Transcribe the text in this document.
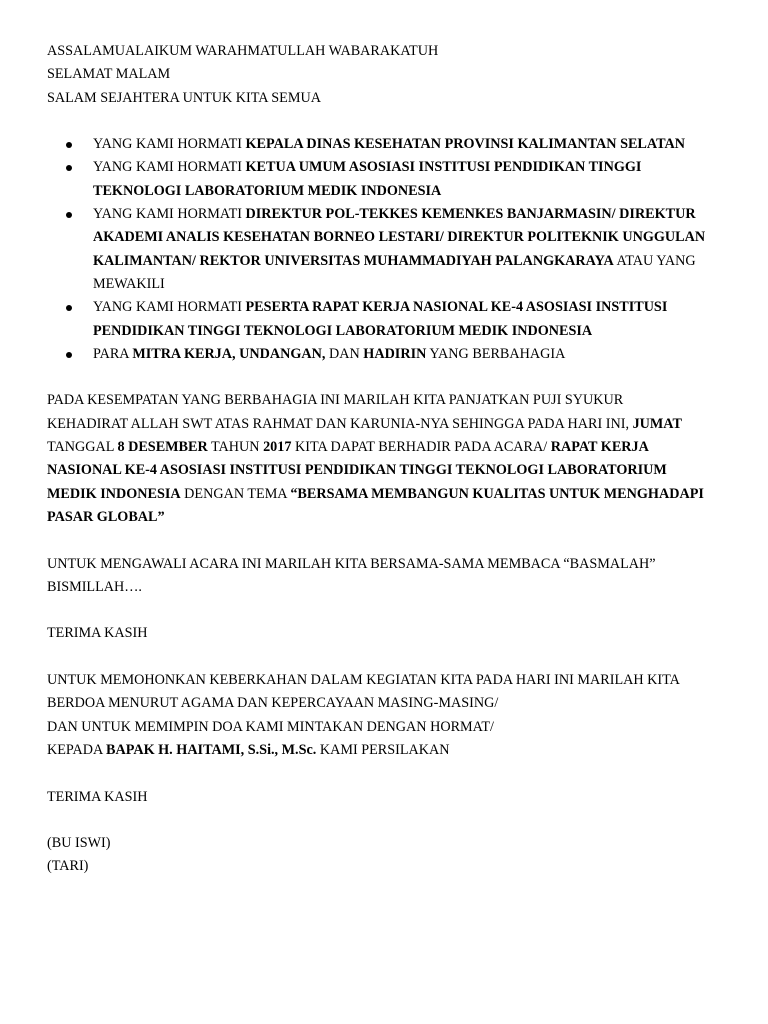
ASSALAMUALAIKUM WARAHMATULLAH WABARAKATUH
SELAMAT MALAM
SALAM SEJAHTERA UNTUK KITA SEMUA
YANG KAMI HORMATI KEPALA DINAS KESEHATAN PROVINSI KALIMANTAN SELATAN
YANG KAMI HORMATI KETUA UMUM ASOSIASI INSTITUSI PENDIDIKAN TINGGI
TEKNOLOGI LABORATORIUM MEDIK INDONESIA
YANG KAMI HORMATI DIREKTUR POL-TEKKES KEMENKES BANJARMASIN/ DIREKTUR
AKADEMI ANALIS KESEHATAN BORNEO LESTARI/ DIREKTUR POLITEKNIK UNGGULAN
KALIMANTAN/ REKTOR UNIVERSITAS MUHAMMADIYAH PALANGKARAYA ATAU YANG
MEWAKILI
YANG KAMI HORMATI PESERTA RAPAT KERJA NASIONAL KE-4 ASOSIASI INSTITUSI
PENDIDIKAN TINGGI TEKNOLOGI LABORATORIUM MEDIK INDONESIA
PARA MITRA KERJA, UNDANGAN, DAN HADIRIN YANG BERBAHAGIA
PADA KESEMPATAN YANG BERBAHAGIA INI MARILAH KITA PANJATKAN PUJI SYUKUR
KEHADIRAT ALLAH SWT ATAS RAHMAT DAN KARUNIA-NYA SEHINGGA PADA HARI INI, JUMAT
TANGGAL 8 DESEMBER TAHUN 2017 KITA DAPAT BERHADIR PADA ACARA/ RAPAT KERJA
NASIONAL KE-4 ASOSIASI INSTITUSI PENDIDIKAN TINGGI TEKNOLOGI LABORATORIUM
MEDIK INDONESIA DENGAN TEMA “BERSAMA MEMBANGUN KUALITAS UNTUK MENGHADAPI
PASAR GLOBAL”
UNTUK MENGAWALI ACARA INI MARILAH KITA BERSAMA-SAMA MEMBACA “BASMALAH”
BISMILLAH….
TERIMA KASIH
UNTUK MEMOHONKAN KEBERKAHAN DALAM KEGIATAN KITA PADA HARI INI MARILAH KITA
BERDOA MENURUT AGAMA DAN KEPERCAYAAN MASING-MASING/
DAN UNTUK MEMIMPIN DOA KAMI MINTAKAN DENGAN HORMAT/
KEPADA BAPAK H. HAITAMI, S.Si., M.Sc. KAMI PERSILAKAN
TERIMA KASIH
(BU ISWI)
(TARI)
